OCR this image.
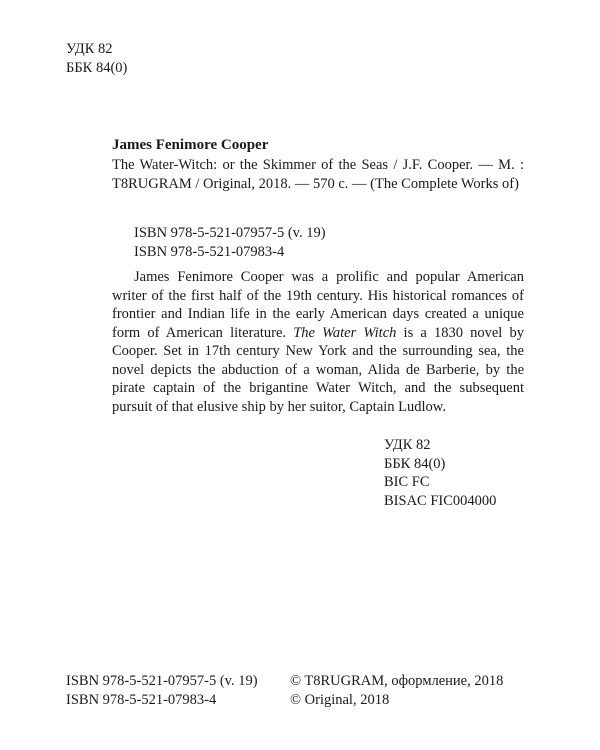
УДК 82
ББК 84(0)
James Fenimore Cooper
The Water-Witch: or the Skimmer of the Seas / J.F. Cooper. — M. : T8RUGRAM / Original, 2018. — 570 с. — (The Complete Works of)
ISBN 978-5-521-07957-5 (v. 19)
ISBN 978-5-521-07983-4

James Fenimore Cooper was a prolific and popular American writer of the first half of the 19th century. His historical romances of frontier and Indian life in the early American days created a unique form of American literature. The Water Witch is a 1830 novel by Cooper. Set in 17th century New York and the surrounding sea, the novel depicts the abduction of a woman, Alida de Barberie, by the pirate captain of the brigantine Water Witch, and the subsequent pursuit of that elusive ship by her suitor, Captain Ludlow.

УДК 82
ББК 84(0)
BIC FC
BISAC FIC004000
ISBN 978-5-521-07957-5 (v. 19)
ISBN 978-5-521-07983-4
© T8RUGRAM, оформление, 2018
© Original, 2018
